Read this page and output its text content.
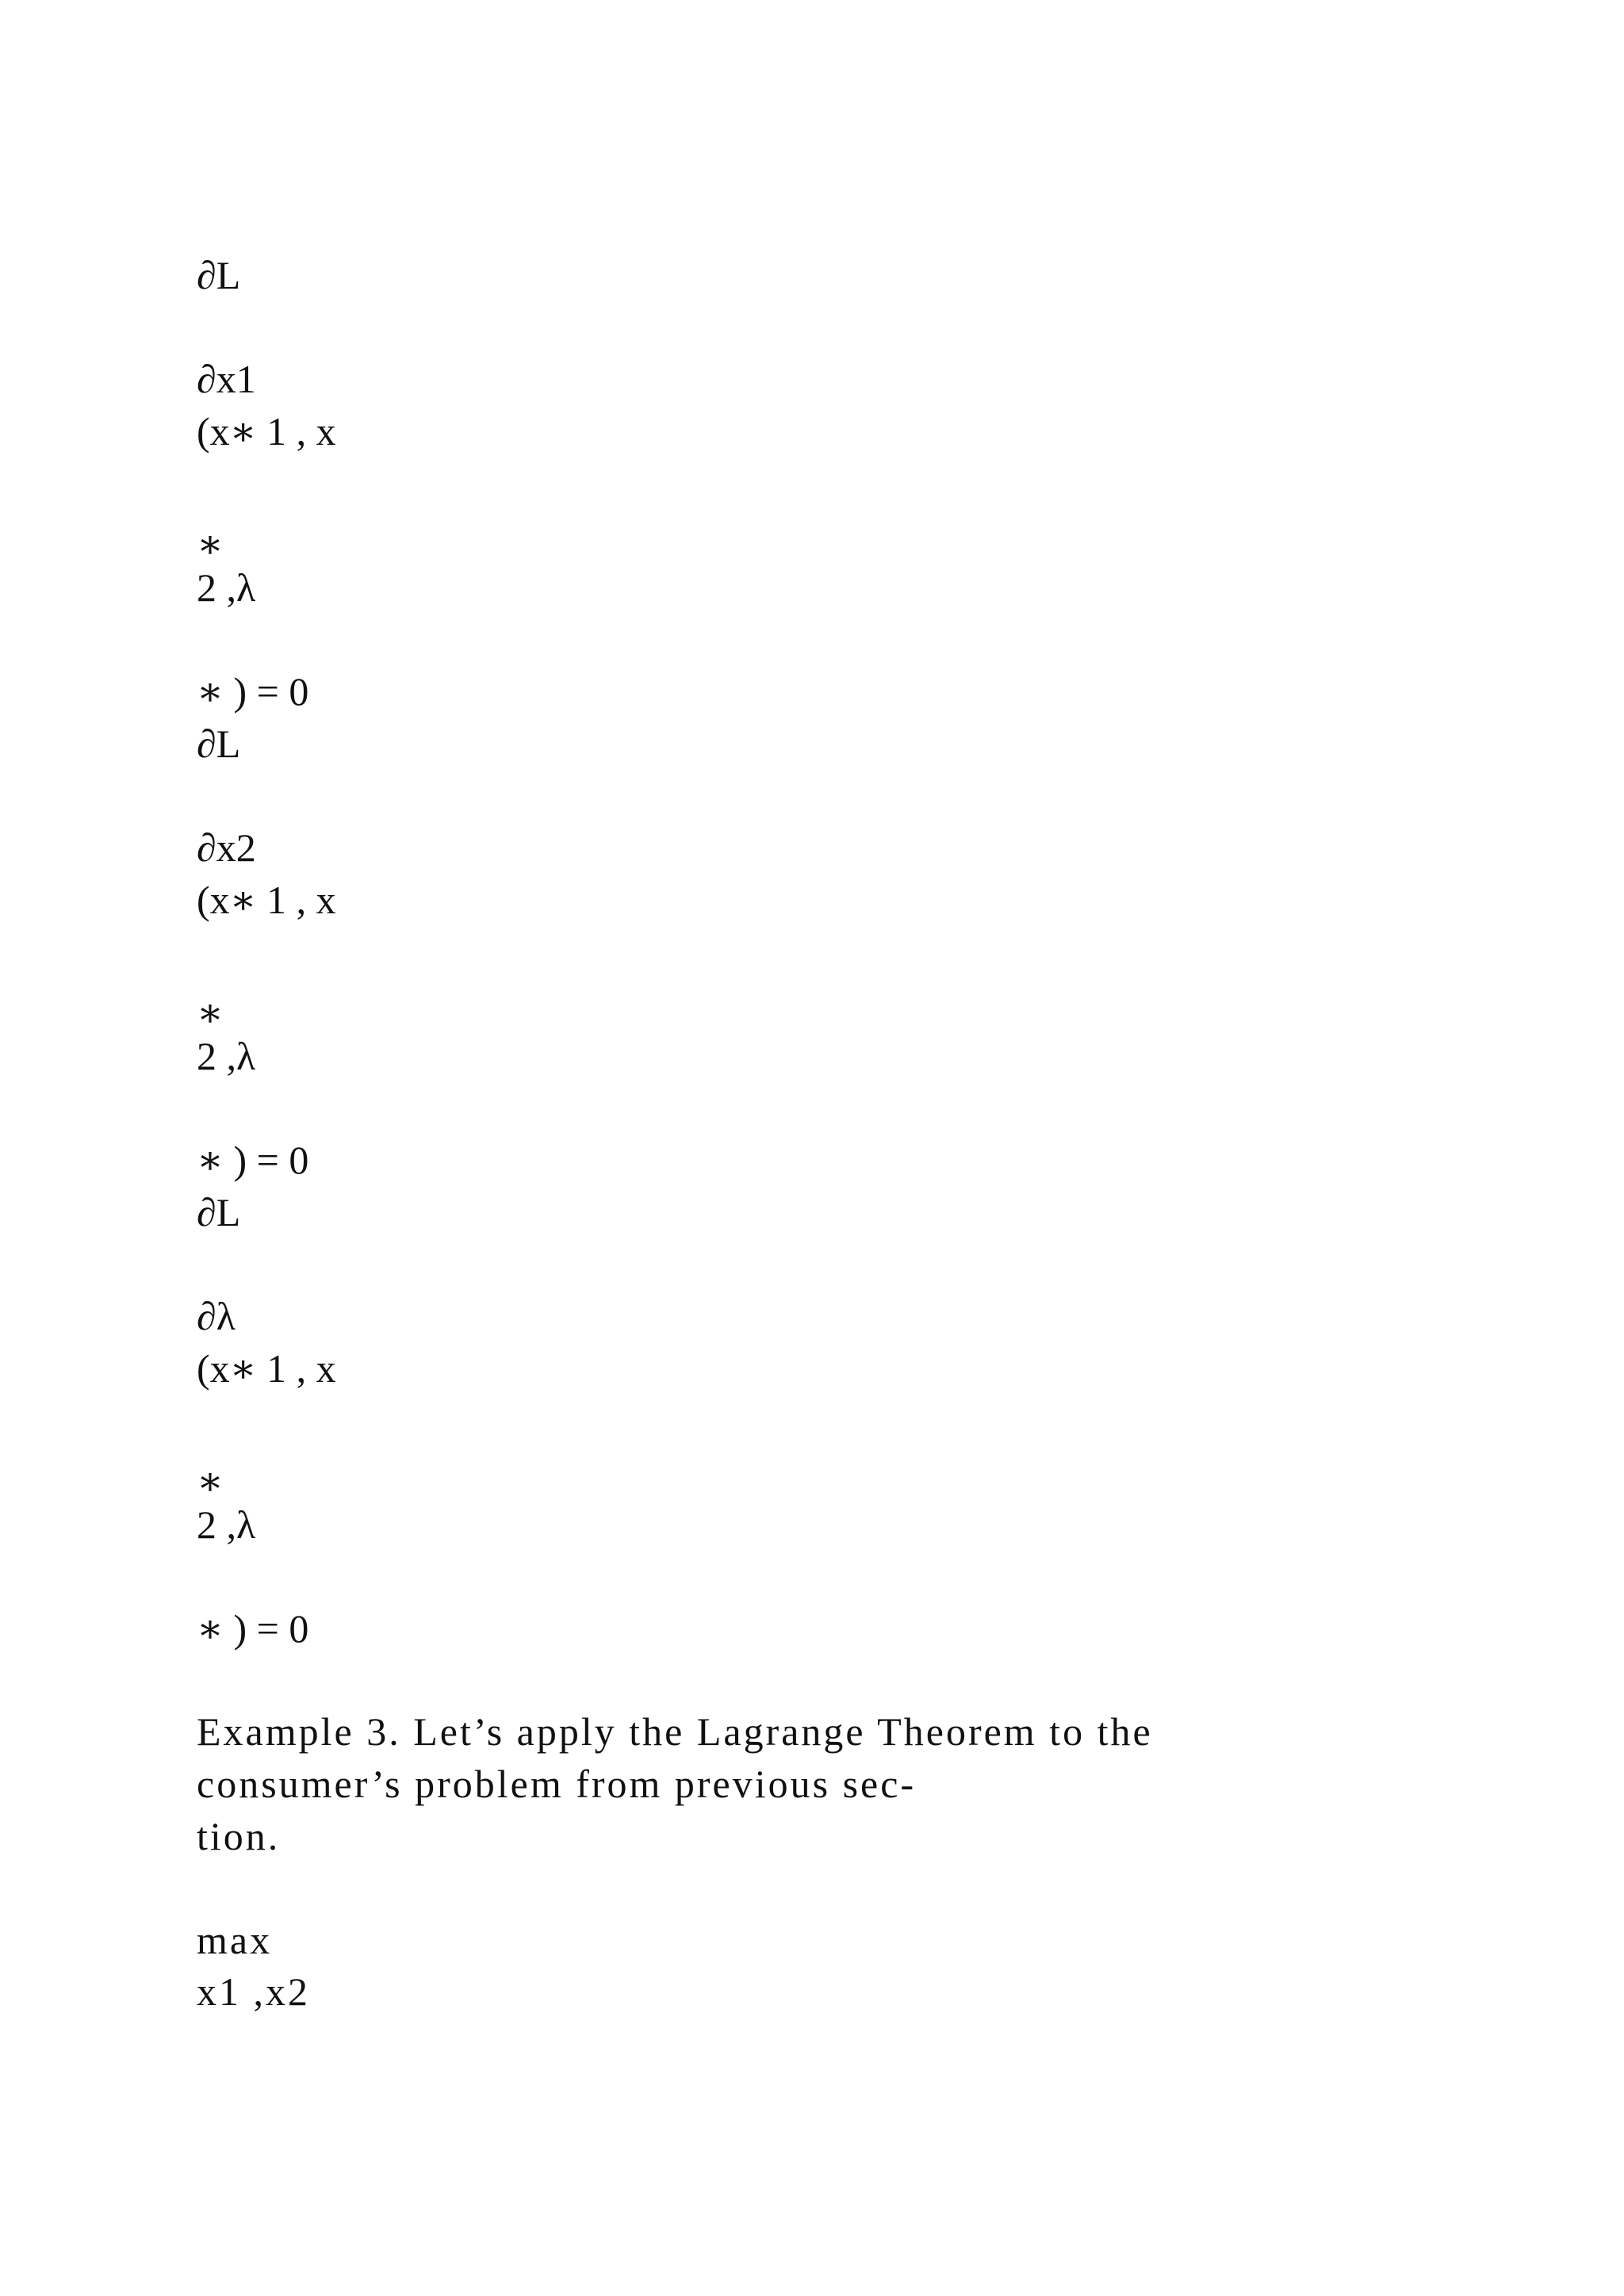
∂L
∂x1
(x∗ 1 , x
∗
2 ,λ
∗ ) = 0
∂L
∂x2
(x∗ 1 , x
∗
2 ,λ
∗ ) = 0
∂L
∂λ
(x∗ 1 , x
∗
2 ,λ
∗ ) = 0
Example 3. Let’s apply the Lagrange Theorem to the
consumer’s problem from previous sec-
tion.
max
x1 ,x2
